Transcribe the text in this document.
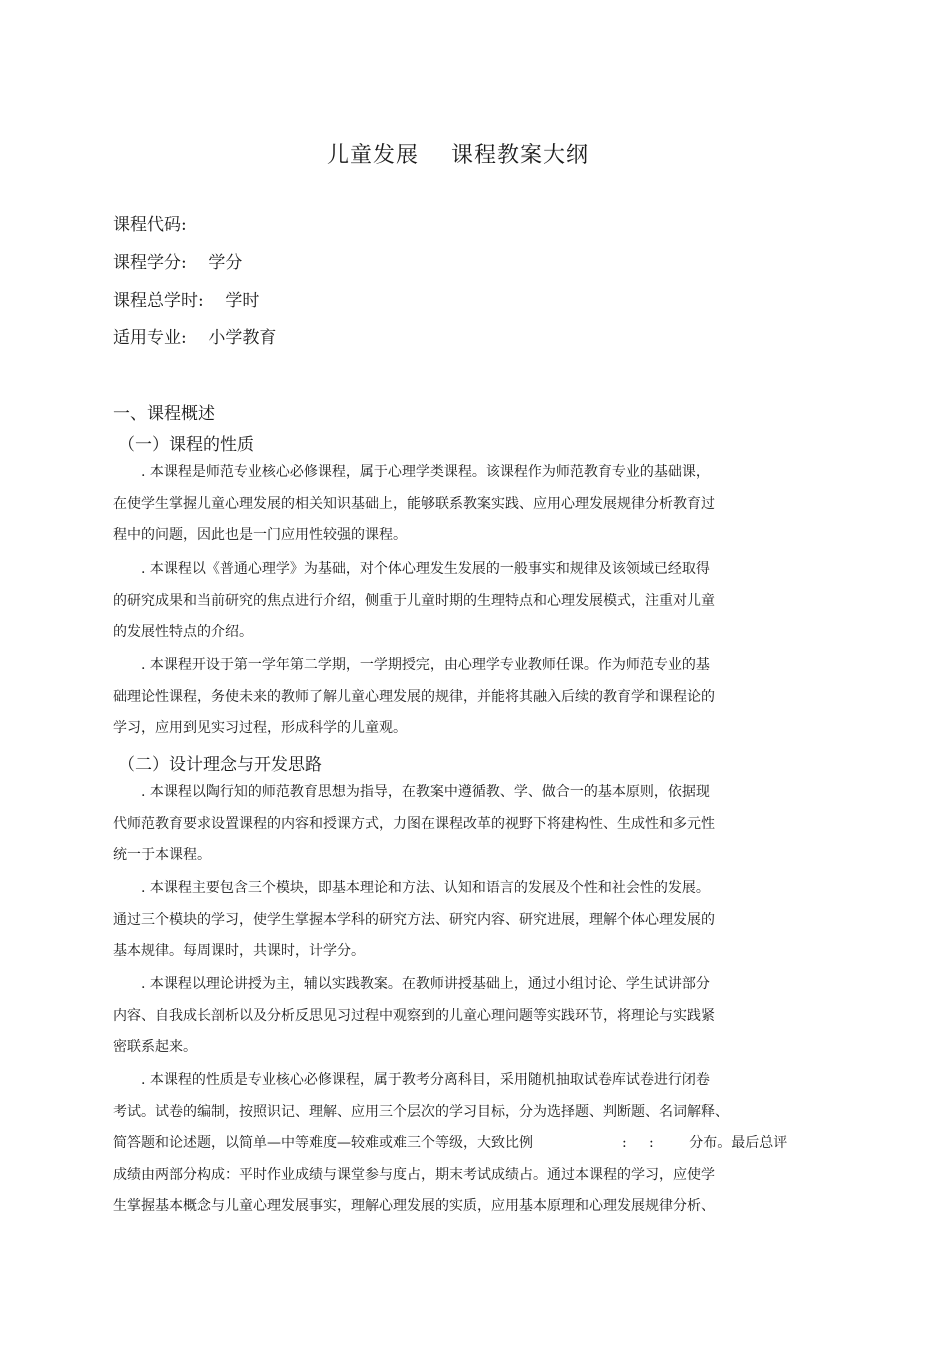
儿童发展    课程教案大纲
课程代码:
课程学分:    学分
课程总学时:    学时
适用专业:    小学教育
一、课程概述
（一）课程的性质
. 本课程是师范专业核心必修课程，属于心理学类课程。该课程作为师范教育专业的基础课，
在使学生掌握儿童心理发展的相关知识基础上，能够联系教案实践、应用心理发展规律分析教育过
程中的问题，因此也是一门应用性较强的课程。
. 本课程以《普通心理学》为基础，对个体心理发生发展的一般事实和规律及该领域已经取得
的研究成果和当前研究的焦点进行介绍，侧重于儿童时期的生理特点和心理发展模式，注重对儿童
的发展性特点的介绍。
. 本课程开设于第一学年第二学期，一学期授完，由心理学专业教师任课。作为师范专业的基
础理论性课程，务使未来的教师了解儿童心理发展的规律，并能将其融入后续的教育学和课程论的
学习，应用到见实习过程，形成科学的儿童观。
（二）设计理念与开发思路
. 本课程以陶行知的师范教育思想为指导，在教案中遵循教、学、做合一的基本原则，依据现
代师范教育要求设置课程的内容和授课方式，力图在课程改革的视野下将建构性、生成性和多元性
统一于本课程。
. 本课程主要包含三个模块，即基本理论和方法、认知和语言的发展及个性和社会性的发展。
通过三个模块的学习，使学生掌握本学科的研究方法、研究内容、研究进展，理解个体心理发展的
基本规律。每周课时，共课时，计学分。
. 本课程以理论讲授为主，辅以实践教案。在教师讲授基础上，通过小组讨论、学生试讲部分
内容、自我成长剖析以及分析反思见习过程中观察到的儿童心理问题等实践环节，将理论与实践紧
密联系起来。
. 本课程的性质是专业核心必修课程，属于教考分离科目，采用随机抽取试卷库试卷进行闭卷
考试。试卷的编制，按照识记、理解、应用三个层次的学习目标，分为选择题、判断题、名词解释、
简答题和论述题，以简单—中等难度—较难或难三个等级，大致比例                    :     :        分布。最后总评
成绩由两部分构成：平时作业成绩与课堂参与度占，期末考试成绩占。通过本课程的学习，应使学
生掌握基本概念与儿童心理发展事实，理解心理发展的实质，应用基本原理和心理发展规律分析、
